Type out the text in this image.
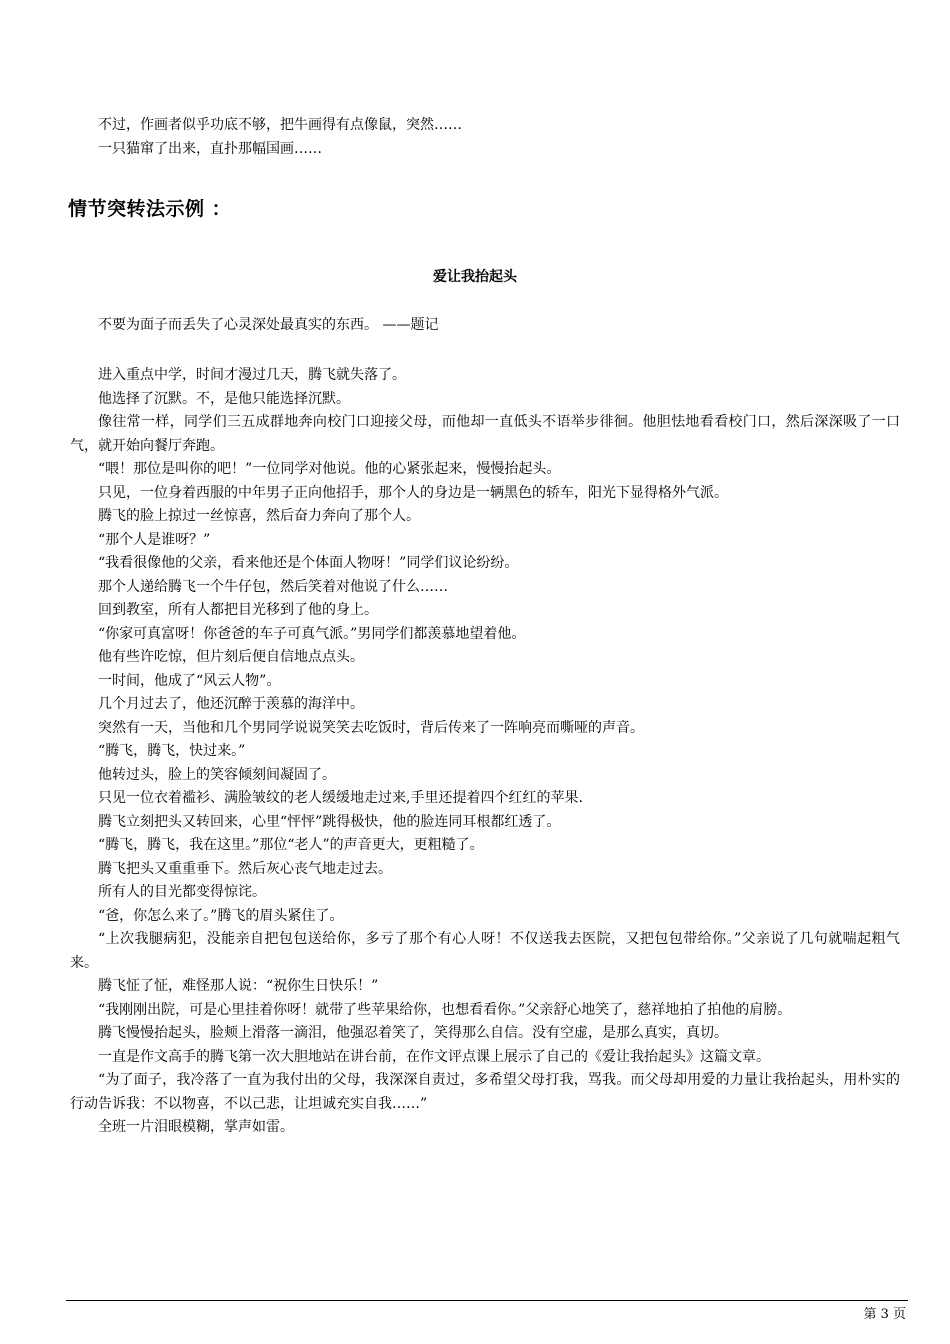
不过，作画者似乎功底不够，把牛画得有点像鼠，突然……

一只猫窜了出来，直扑那幅国画……

情节突转法示例 ：
爱让我抬起头

不要为面子而丢失了心灵深处最真实的东西。 ——题记

进入重点中学，时间才漫过几天，腾飞就失落了。

他选择了沉默。不，是他只能选择沉默。

像往常一样，同学们三五成群地奔向校门口迎接父母，而他却一直低头不语举步徘徊。他胆怯地看看校门口，然后深深吸了一口气，就开始向餐厅奔跑。

“喂！那位是叫你的吧！”一位同学对他说。他的心紧张起来，慢慢抬起头。

只见，一位身着西服的中年男子正向他招手，那个人的身边是一辆黑色的轿车，阳光下显得格外气派。

腾飞的脸上掠过一丝惊喜，然后奋力奔向了那个人。

“那个人是谁呀？”

“我看很像他的父亲，看来他还是个体面人物呀！”同学们议论纷纷。

那个人递给腾飞一个牛仔包，然后笑着对他说了什么……

回到教室，所有人都把目光移到了他的身上。

“你家可真富呀！你爸爸的车子可真气派。”男同学们都羡慕地望着他。

他有些许吃惊，但片刻后便自信地点点头。

一时间，他成了“风云人物”。

几个月过去了，他还沉醉于羡慕的海洋中。

突然有一天，当他和几个男同学说说笑笑去吃饭时，背后传来了一阵响亮而嘶哑的声音。

“腾飞，腾飞，快过来。”

他转过头，脸上的笑容倾刻间凝固了。

只见一位衣着褴衫、满脸皱纹的老人缓缓地走过来,手里还提着四个红红的苹果.

腾飞立刻把头又转回来，心里“怦怦”跳得极快，他的脸连同耳根都红透了。

“腾飞，腾飞，我在这里。”那位“老人”的声音更大，更粗糙了。

腾飞把头又重重垂下。然后灰心丧气地走过去。

所有人的目光都变得惊诧。

“爸，你怎么来了。”腾飞的眉头紧住了。

“上次我腿病犯，没能亲自把包包送给你，多亏了那个有心人呀！不仅送我去医院，又把包包带给你。”父亲说了几句就喘起粗气来。

腾飞怔了怔，难怪那人说：“祝你生日快乐！”

“我刚刚出院，可是心里挂着你呀！就带了些苹果给你，也想看看你。”父亲舒心地笑了，慈祥地拍了拍他的肩膀。

腾飞慢慢抬起头，脸颊上滑落一滴泪，他强忍着笑了，笑得那么自信。没有空虚，是那么真实，真切。

一直是作文高手的腾飞第一次大胆地站在讲台前，在作文评点课上展示了自己的《爱让我抬起头》这篇文章。

“为了面子，我冷落了一直为我付出的父母，我深深自责过，多希望父母打我，骂我。而父母却用爱的力量让我抬起头，用朴实的行动告诉我：不以物喜，不以己悲，让坦诚充实自我……”

全班一片泪眼模糊，掌声如雷。

第 3 页
